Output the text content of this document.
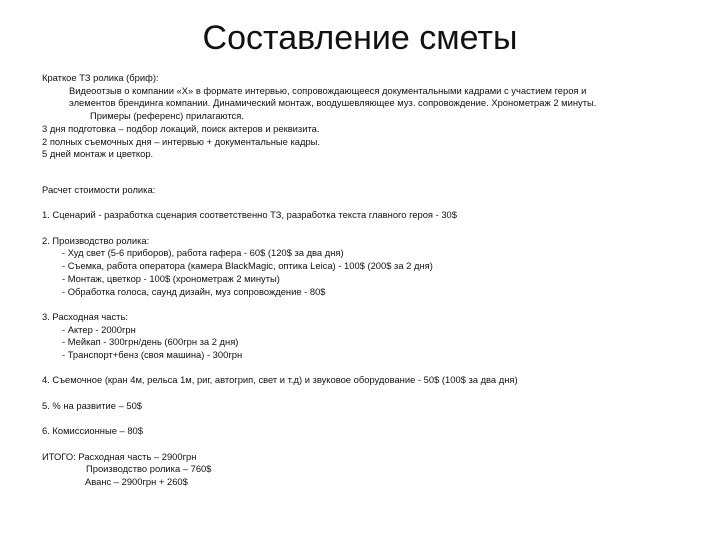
Составление сметы
Краткое ТЗ ролика (бриф):
Видеоотзыв о компании «Х» в формате интервью, сопровождающееся документальными кадрами с участием героя и
элементов брендинга компании. Динамический монтаж, воодушевляющее муз. сопровождение. Хронометраж 2 минуты.
Примеры (референс) прилагаются.
3 дня подготовка – подбор локаций, поиск актеров и реквизита.
2 полных съемочных дня – интервью + документальные кадры.
5 дней монтаж и цветкор.
Расчет стоимости ролика:
1. Сценарий - разработка сценария соответственно ТЗ, разработка текста главного героя - 30$
2. Производство ролика:
- Худ свет (5-6 приборов), работа гафера - 60$ (120$ за два дня)
- Съемка, работа оператора (камера BlackMagic, оптика Leica) - 100$ (200$ за 2 дня)
- Монтаж, цветкор - 100$ (хронометраж 2 минуты)
- Обработка голоса, саунд дизайн, муз сопровождение - 80$
3. Расходная часть:
- Актер - 2000грн
- Мейкап - 300грн/день (600грн за 2 дня)
- Транспорт+бенз (своя машина) - 300грн
4. Съемочное (кран 4м, рельса 1м, риг, автогрип, свет и т.д) и звуковое оборудование - 50$ (100$ за два дня)
5. % на развитие – 50$
6. Комиссионные – 80$
ИТОГО: Расходная часть – 2900грн
Производство ролика – 760$
Аванс – 2900грн + 260$
